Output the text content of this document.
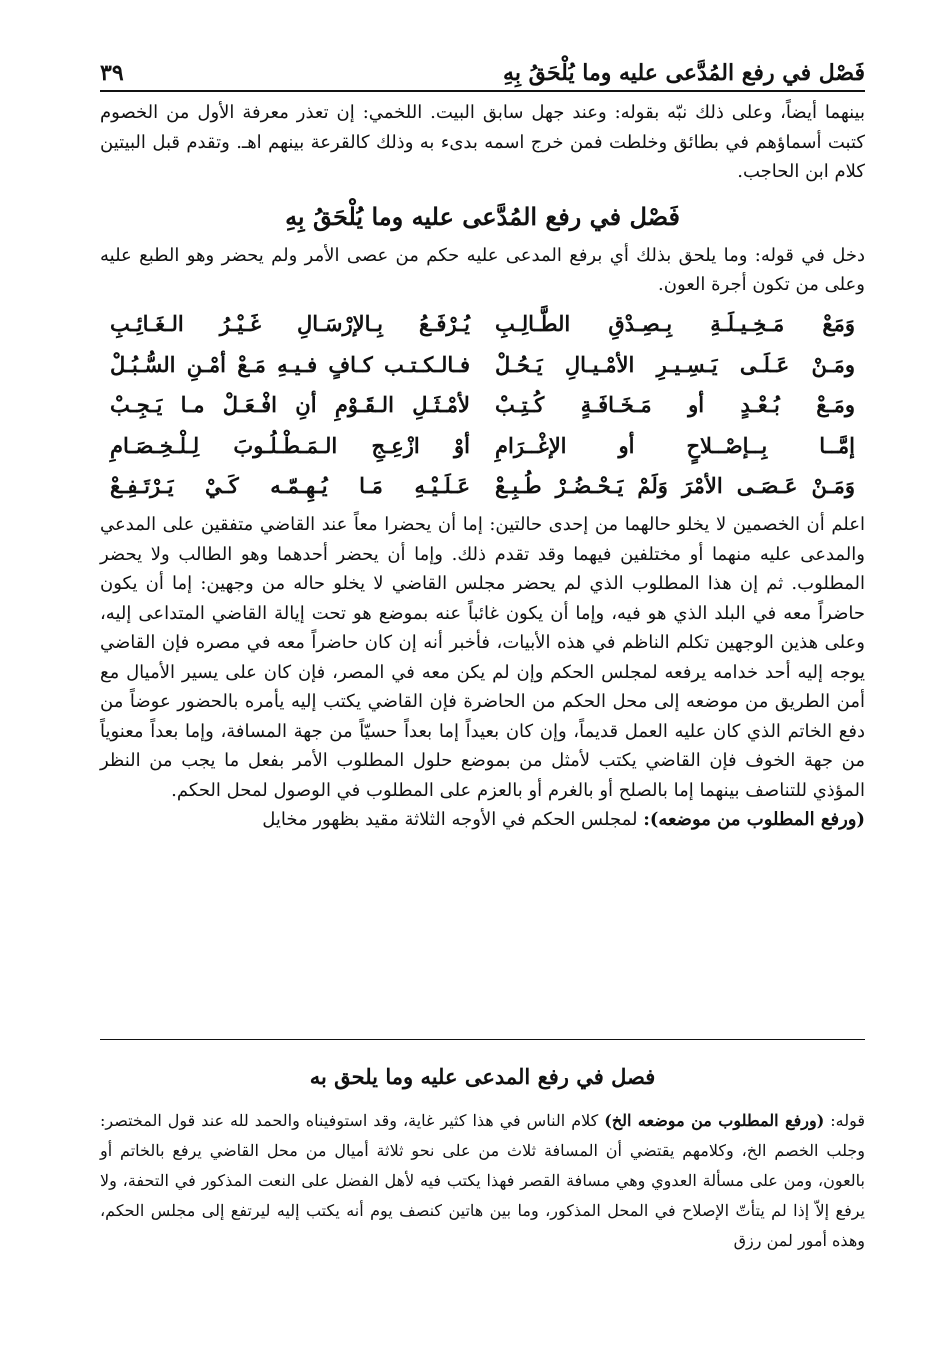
فَصْل في رفع المُدَّعى عليه وما يُلْحَقُ بِهِ
٣٩

بينهما أيضاً، وعلى ذلك نبّه بقوله: وعند جهل سابق البيت. اللخمي: إن تعذر معرفة الأول من الخصوم كتبت أسماؤهم في بطائق وخلطت فمن خرج اسمه بدىء به وذلك كالقرعة بينهم اهـ. وتقدم قبل البيتين كلام ابن الحاجب.

فَصْل في رفع المُدَّعى عليه وما يُلْحَقُ بِهِ

دخل في قوله: وما يلحق بذلك أي برفع المدعى عليه حكم من عصى الأمر ولم يحضر وهو الطبع عليه وعلى من تكون أجرة العون.

وَمَعْ مَـخِـيـلَـةِ بِـصِـدْقِ الطَّـالِـبِ
يُـرْفَـعُ بِـالإرْسَـالِ غَـيْـرُ الـغَـائِـبِ
ومَـنْ عَـلَـى يَـسِـيـرِ الأمْـيـالِ يَـحُـلْ
فـالـكـتـب كـافٍ فـيـهِ مَـعْ أمْـنِ السُّـبُـلْ
ومَـعْ بُـعْـدٍ أو مَـخَـافَـةٍ كُـتِـبْ
لأمْـثَـلِ الـقَـوْمِ أنِ افْـعَـلْ مـا يَـجِـبْ
إمَّــا بِــإصْــلاحٍ أو الإغْــرَامِ
أوْ ازْعِـجِ الـمَـطْـلُـوبَ لِـلْـخِـصَـامِ
وَمَـنْ عَـصَـى الأمْرَ وَلَمْ يَـحْـضُـرْ طُـبِـعْ
عَـلَـيْـهِ مَـا يُـهِـمّـه كَـيْ يَـرْتَـفِـعْ

اعلم أن الخصمين لا يخلو حالهما من إحدى حالتين: إما أن يحضرا معاً عند القاضي متفقين على المدعي والمدعى عليه منهما أو مختلفين فيهما وقد تقدم ذلك. وإما أن يحضر أحدهما وهو الطالب ولا يحضر المطلوب. ثم إن هذا المطلوب الذي لم يحضر مجلس القاضي لا يخلو حاله من وجهين: إما أن يكون حاضراً معه في البلد الذي هو فيه، وإما أن يكون غائباً عنه بموضع هو تحت إيالة القاضي المتداعى إليه، وعلى هذين الوجهين تكلم الناظم في هذه الأبيات، فأخبر أنه إن كان حاضراً معه في مصره فإن القاضي يوجه إليه أحد خدامه يرفعه لمجلس الحكم وإن لم يكن معه في المصر، فإن كان على يسير الأميال مع أمن الطريق من موضعه إلى محل الحكم من الحاضرة فإن القاضي يكتب إليه يأمره بالحضور عوضاً من دفع الخاتم الذي كان عليه العمل قديماً، وإن كان بعيداً إما بعداً حسيّاً من جهة المسافة، وإما بعداً معنوياً من جهة الخوف فإن القاضي يكتب لأمثل من بموضع حلول المطلوب الأمر بفعل ما يجب من النظر المؤذي للتناصف بينهما إما بالصلح أو بالغرم أو بالعزم على المطلوب في الوصول لمحل الحكم.

(ورفع المطلوب من موضعه): لمجلس الحكم في الأوجه الثلاثة مقيد بظهور مخايل

فصل في رفع المدعى عليه وما يلحق به

قوله: (ورفع المطلوب من موضعه الخ) كلام الناس في هذا كثير غاية، وقد استوفيناه والحمد لله عند قول المختصر: وجلب الخصم الخ، وكلامهم يقتضي أن المسافة ثلاث من على نحو ثلاثة أميال من محل القاضي يرفع بالخاتم أو بالعون، ومن على مسألة العدوي وهي مسافة القصر فهذا يكتب فيه لأهل الفضل على النعت المذكور في التحفة، ولا يرفع إلاّ إذا لم يتأتّ الإصلاح في المحل المذكور، وما بين هاتين كنصف يوم أنه يكتب إليه ليرتفع إلى مجلس الحكم، وهذه أمور لمن رزق
